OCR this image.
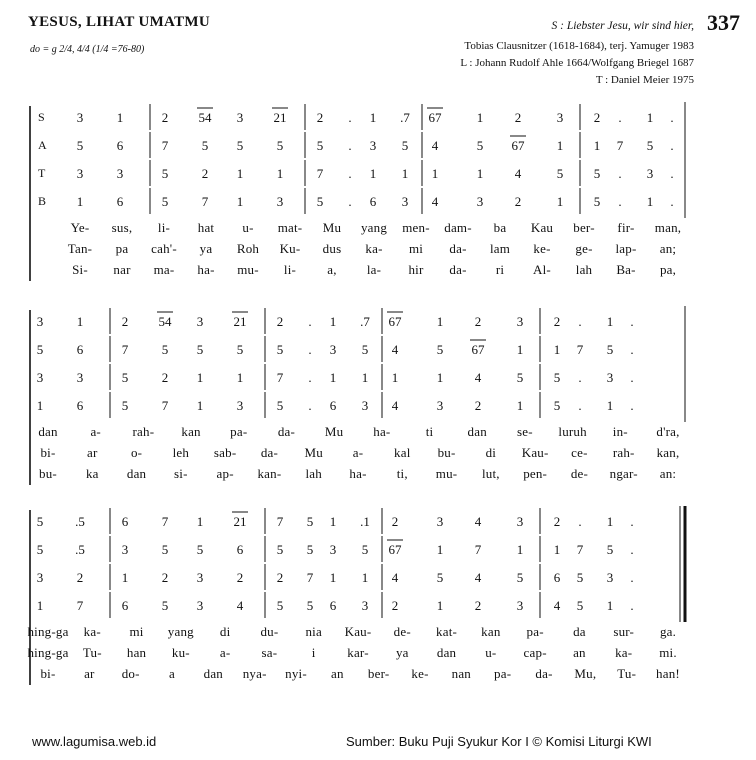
YESUS, LIHAT UMATMU
do = g 2/4, 4/4 (1/4 =76-80)
S : Liebster Jesu, wir sind hier, 337
Tobias Clausnitzer (1618-1684), terj. Yamuger 1983
L : Johann Rudolf Ahle 1664/Wolfgang Briegel 1687
T : Daniel Meier 1975
www.lagumisa.web.id	Sumber: Buku Puji Syukur Kor I © Komisi Liturgi KWI
S
A
T
B
3	1	2 54 3 21 2 . 1 .7 67	1 2	3 2 . 1 .
5	6	7	5 5	5	5 . 3 5 4	5 67 1 1 7 5 .
3	3	5	2 1	1	7 . 1 1 1	1 4	5 5 . 3 .
1	6	5	7 1	3	5 . 6 3 4	3 2	1 5 . 1 .
Ye- sus, li- hat u- mat- Mu yang men- dam- ba Kau ber- fir- man,
Tan- pa cah'- ya Roh Ku- dus ka- mi da- lam ke- ge- lap- an;
Si- nar ma- ha- mu- li- a, la- hir da- ri Al- lah Ba- pa,
3	1	2 54 3 21 2 . 1 .7 67	1 2	3 2 . 1 .
5	6	7	5 5	5	5 . 3 5 4	5 67 1 1 7 5 .
3	3	5	2 1	1	7 . 1 1 1	1 4	5 5 . 3 .
1	6	5	7 1	3	5 . 6 3 4	3 2	1 5 . 1 .
dan	a- rah- kan pa- da- Mu ha-	ti	dan se- luruh in- d'ra,
bi- ar	o- leh sab- da- Mu a- kal bu- di Kau- ce- rah- kan,
bu- ka dan si- ap- kan- lah ha- ti, mu- lut, pen- de- ngar- an:
5 .5	6	7 1 21 7 5 1 .1 2	3 4	3 2 . 1 .
5 .5	3	5 5	6	5 5 3 5 67	1 7	1 1 7 5 .
3	2	1	2 3	2	2 7 1 1 4	5 4	5 6 5 3 .
1	7	6	5 3	4	5 5 6 3 2	1 2	3 4 5 1 .
hing-ga ka- mi yang di du- nia Kau- de- kat- kan pa- da sur- ga.
hing-ga Tu- han ku- a- sa-	i kar- ya dan u- cap- an ka- mi.
bi- ar do- a dan nya- nyi- an ber- ke- nan pa- da- Mu, Tu- han!
